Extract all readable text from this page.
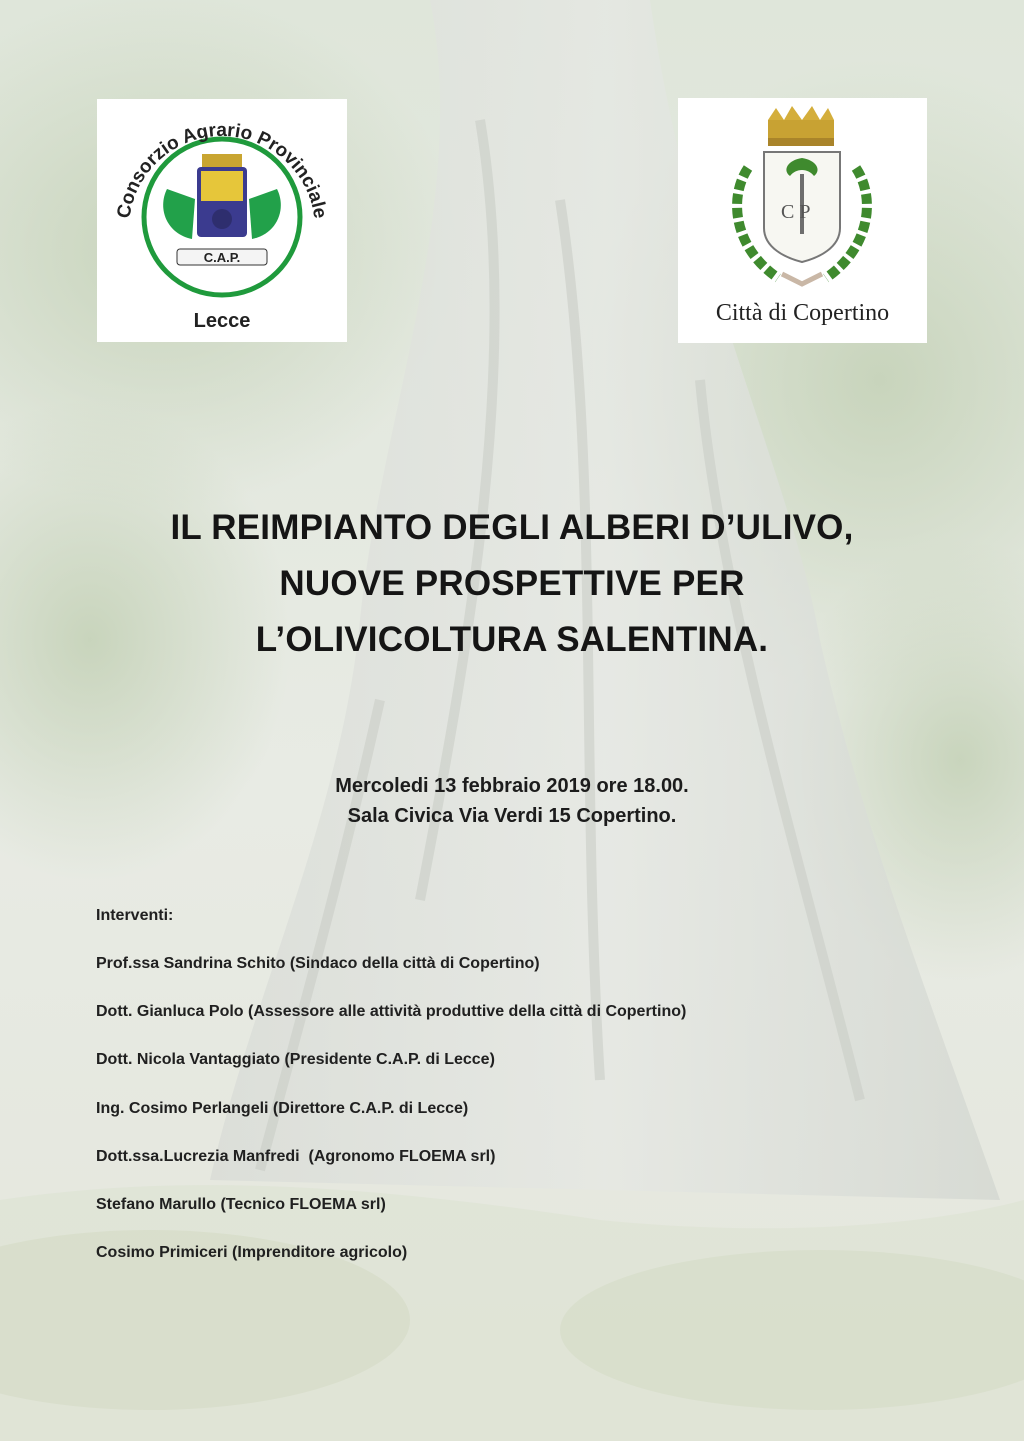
Consorzio Agrario Provinciale
C.A.P.
Lecce
C P
Città di Copertino
IL REIMPIANTO DEGLI ALBERI D’ULIVO,
NUOVE PROSPETTIVE PER
L’OLIVICOLTURA SALENTINA.
Mercoledi 13 febbraio 2019 ore 18.00.
Sala Civica Via Verdi 15 Copertino.
Interventi:
Prof.ssa Sandrina Schito (Sindaco della città di Copertino)
Dott. Gianluca Polo (Assessore alle attività produttive della città di Copertino)
Dott. Nicola Vantaggiato (Presidente C.A.P. di Lecce)
Ing. Cosimo Perlangeli (Direttore C.A.P. di Lecce)
Dott.ssa.Lucrezia Manfredi  (Agronomo FLOEMA srl)
Stefano Marullo (Tecnico FLOEMA srl)
Cosimo Primiceri (Imprenditore agricolo)
